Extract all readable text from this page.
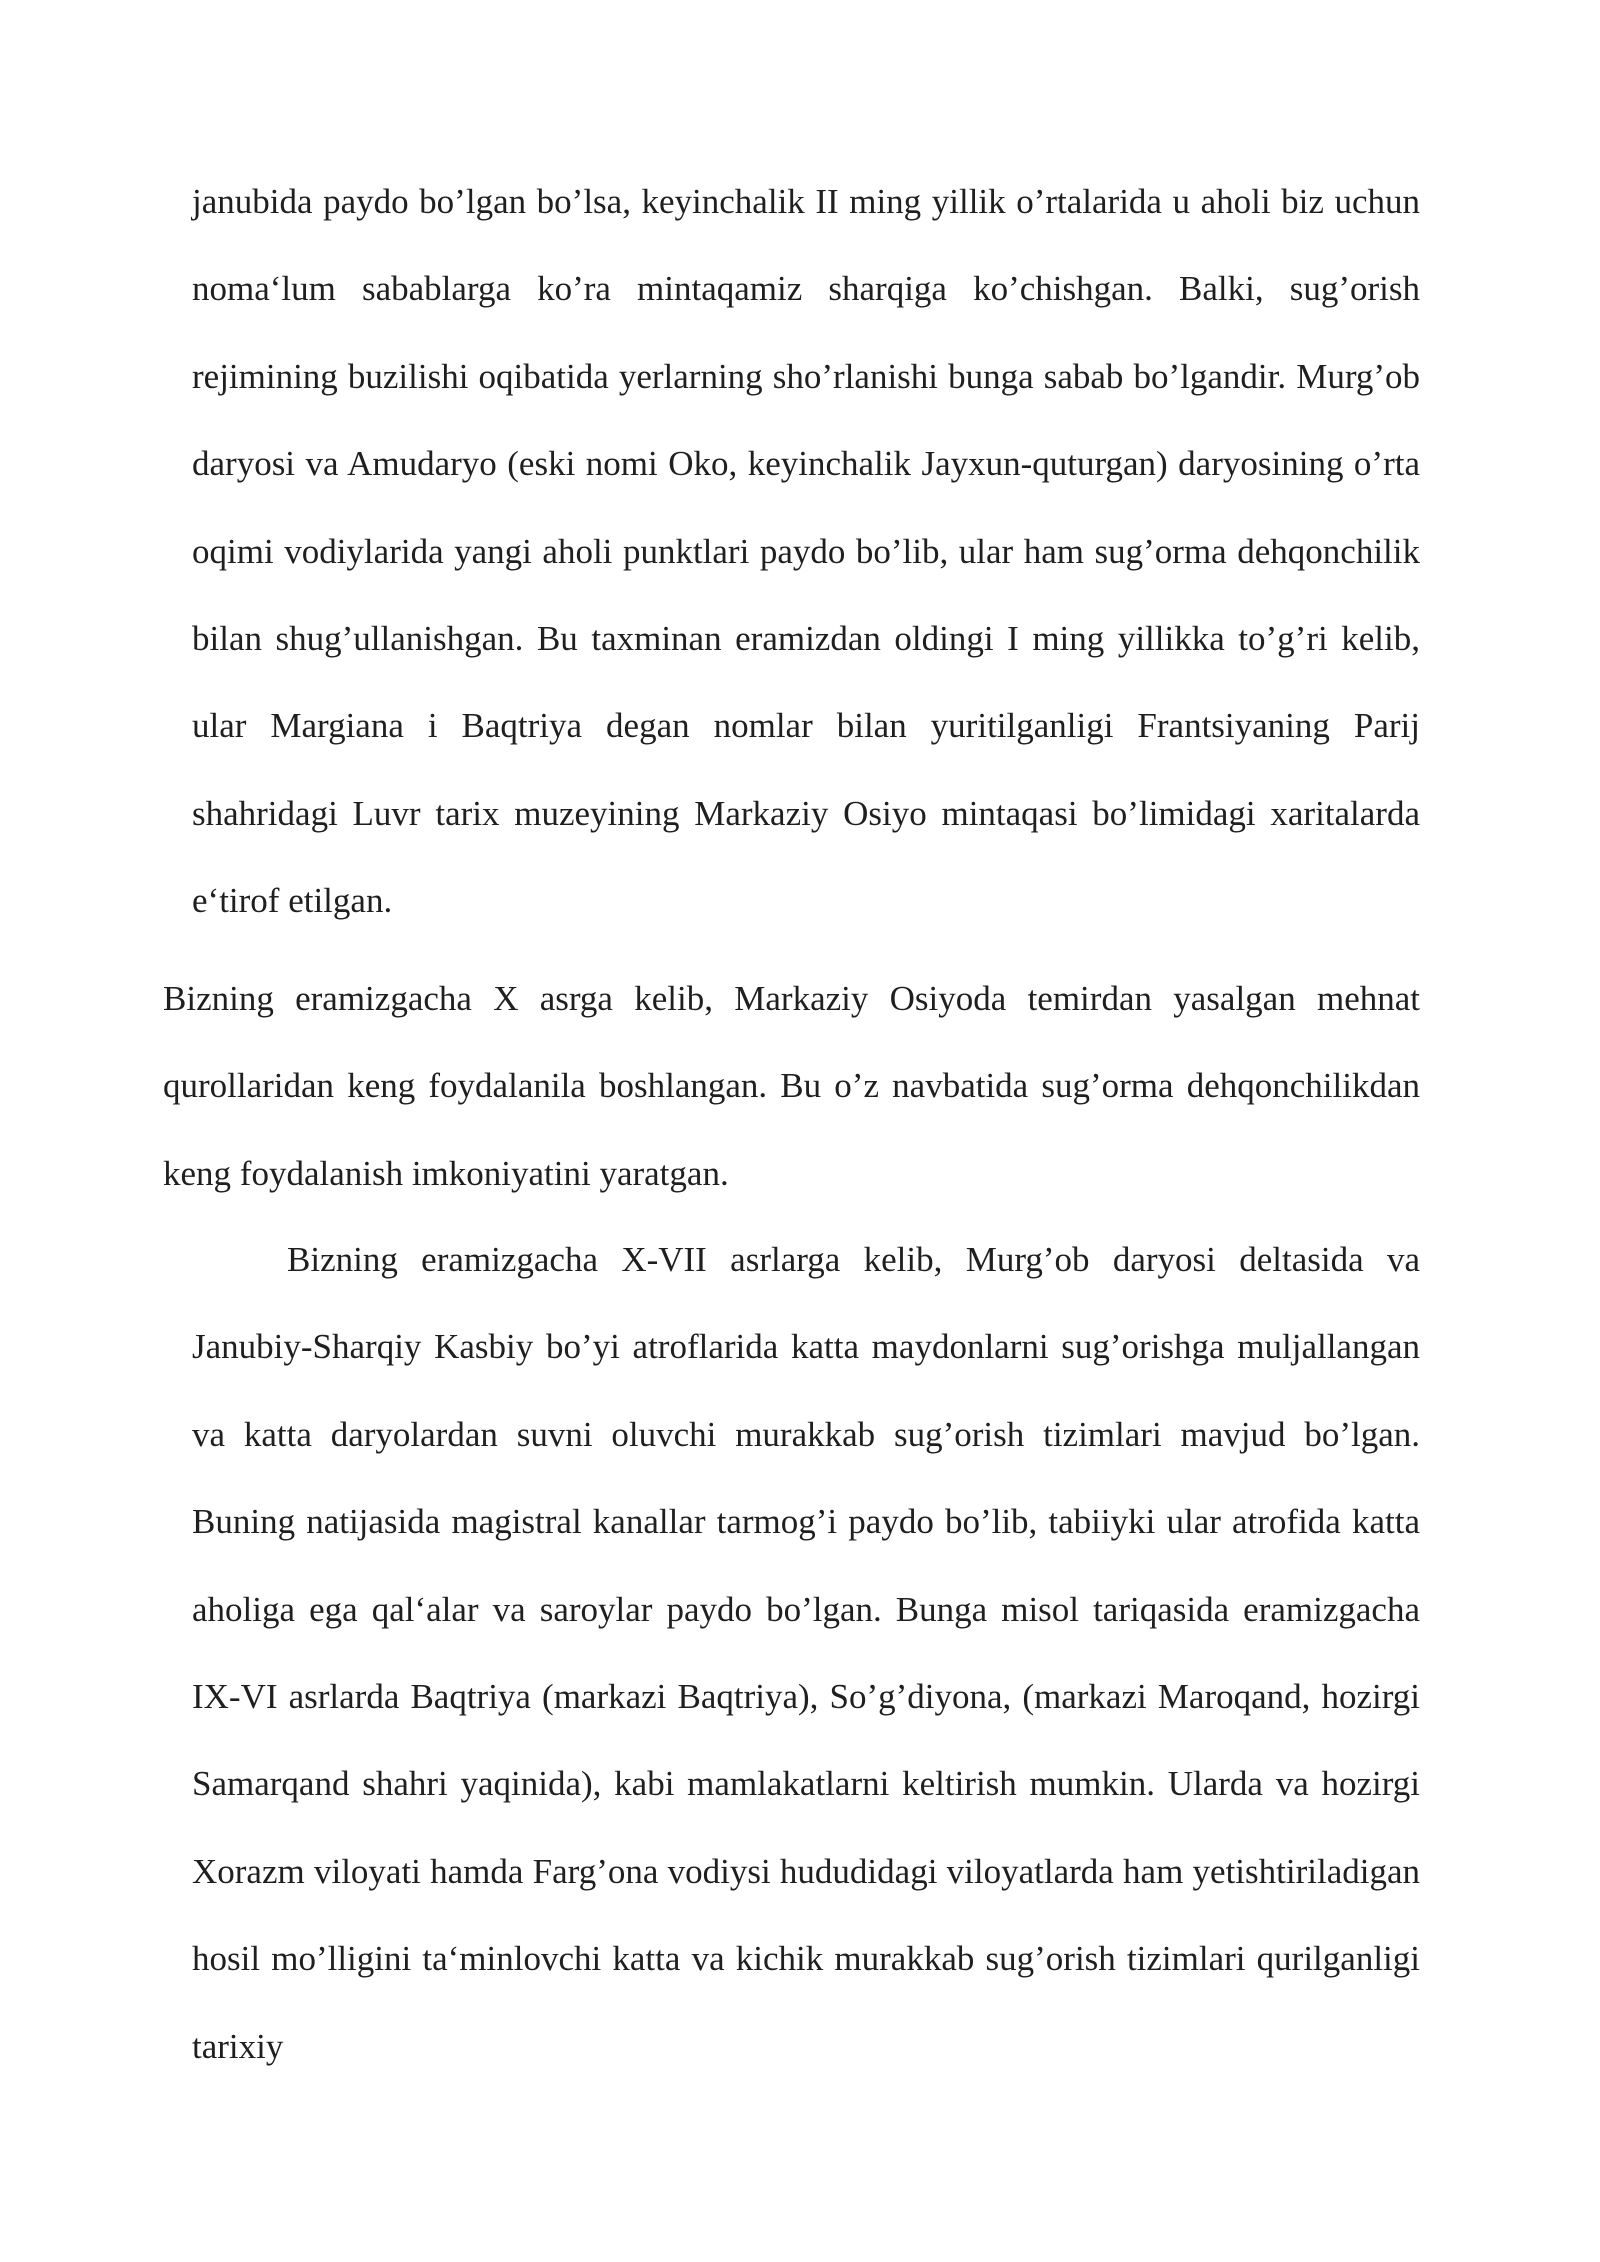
janubida paydo bo’lgan bo’lsa, keyinchalik II ming yillik o’rtalarida u aholi biz uchun noma‘lum sabablarga ko’ra mintaqamiz sharqiga ko’chishgan. Balki, sug’orish rejimining buzilishi oqibatida yerlarning sho’rlanishi bunga sabab bo’lgandir. Murg’ob daryosi va Amudaryo (eski nomi Oko, keyinchalik Jayxun-quturgan) daryosining o’rta oqimi vodiylarida yangi aholi punktlari paydo bo’lib, ular ham sug’orma dehqonchilik bilan shug’ullanishgan. Bu taxminan eramizdan oldingi I ming yillikka to’g’ri kelib, ular Margiana i Baqtriya degan nomlar bilan yuritilganligi Frantsiyaning Parij shahridagi Luvr tarix muzeyining Markaziy Osiyo mintaqasi bo’limidagi xaritalarda e‘tirof etilgan.

Bizning eramizgacha X asrga kelib, Markaziy Osiyoda temirdan yasalgan mehnat qurollaridan keng foydalanila boshlangan. Bu o’z navbatida sug’orma dehqonchilikdan keng foydalanish imkoniyatini yaratgan.

Bizning eramizgacha X-VII asrlarga kelib, Murg’ob daryosi deltasida va Janubiy-Sharqiy Kasbiy bo’yi atroflarida katta maydonlarni sug’orishga muljallangan va katta daryolardan suvni oluvchi murakkab sug’orish tizimlari mavjud bo’lgan. Buning natijasida magistral kanallar tarmog’i paydo bo’lib, tabiiyki ular atrofida katta aholiga ega qal‘alar va saroylar paydo bo’lgan. Bunga misol tariqasida eramizgacha IX-VI asrlarda Baqtriya (markazi Baqtriya), So’g’diyona, (markazi Maroqand, hozirgi Samarqand shahri yaqinida), kabi mamlakatlarni keltirish mumkin. Ularda va hozirgi Xorazm viloyati hamda Farg’ona vodiysi hududidagi viloyatlarda ham yetishtiriladigan hosil mo’lligini ta‘minlovchi katta va kichik murakkab sug’orish tizimlari qurilganligi tarixiy
